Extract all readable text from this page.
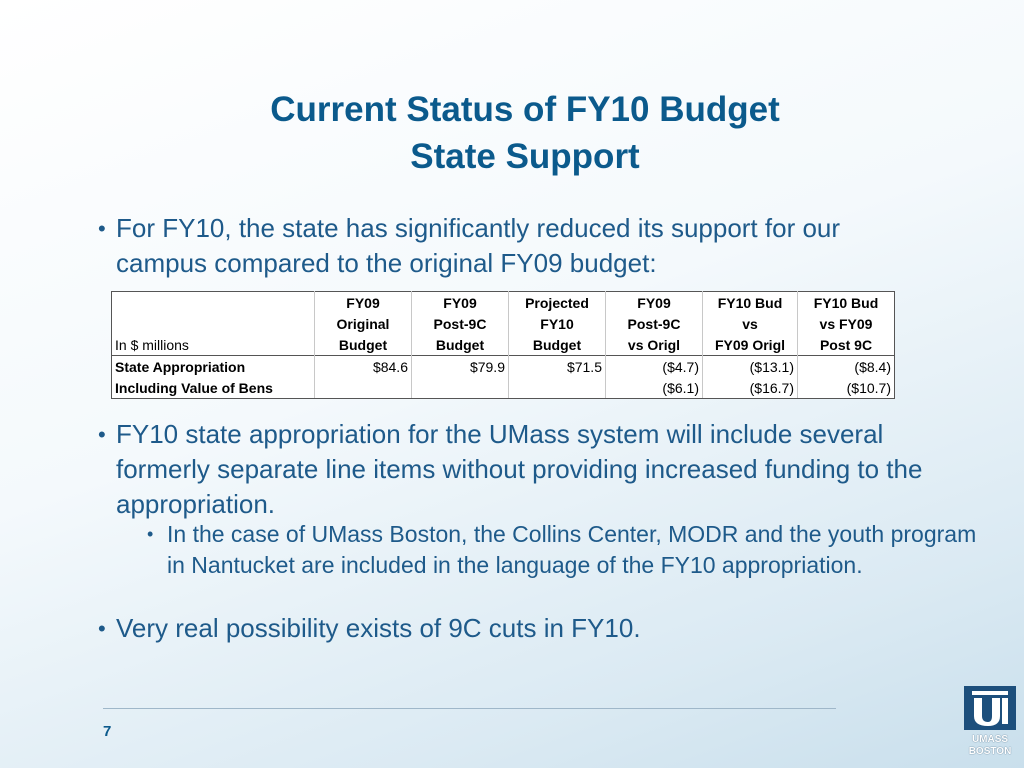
Current Status of FY10 Budget
State Support
• For FY10, the state has significantly reduced its support for our campus compared to the original FY09 budget:
	FY09	FY09	Projected	FY09	FY10 Bud	FY10 Bud
	Original	Post-9C	FY10	Post-9C	vs	vs FY09
In $ millions	Budget	Budget	Budget	vs Origl	FY09 Origl	Post 9C
State Appropriation	$84.6	$79.9	$71.5	($4.7)	($13.1)	($8.4)
Including Value of Bens				($6.1)	($16.7)	($10.7)
• FY10 state appropriation for the UMass system will include several formerly separate line items without providing increased funding to the appropriation.
• In the case of UMass Boston, the Collins Center, MODR and the youth program in Nantucket are included in the language of the FY10 appropriation.
• Very real possibility exists of 9C cuts in FY10.
7	UMASS
BOSTON
